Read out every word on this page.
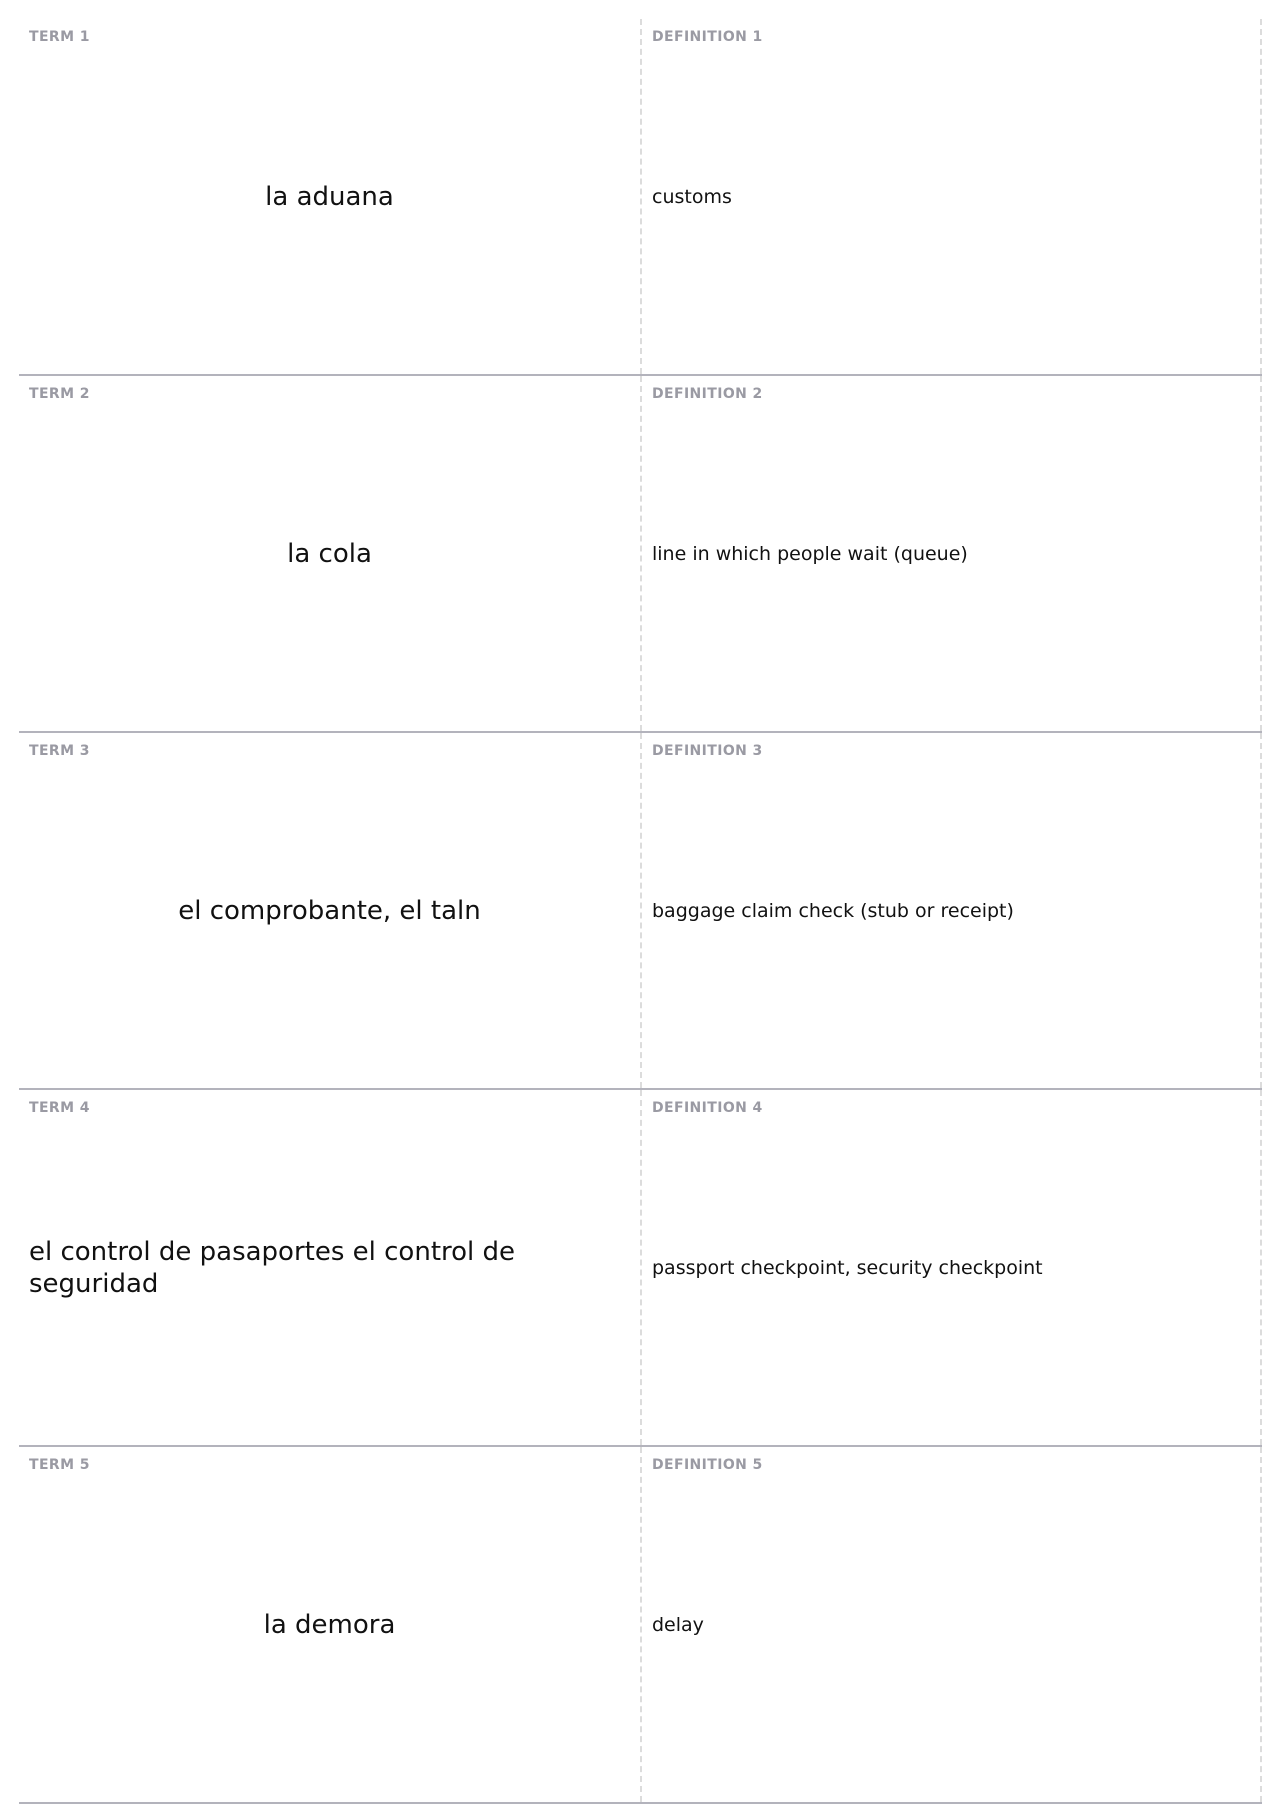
TERM 1
la aduana
DEFINITION 1
customs
TERM 2
la cola
DEFINITION 2
line in which people wait (queue)
TERM 3
el comprobante, el taln
DEFINITION 3
baggage claim check (stub or receipt)
TERM 4
el control de pasaportes el control de seguridad
DEFINITION 4
passport checkpoint, security checkpoint
TERM 5
la demora
DEFINITION 5
delay
